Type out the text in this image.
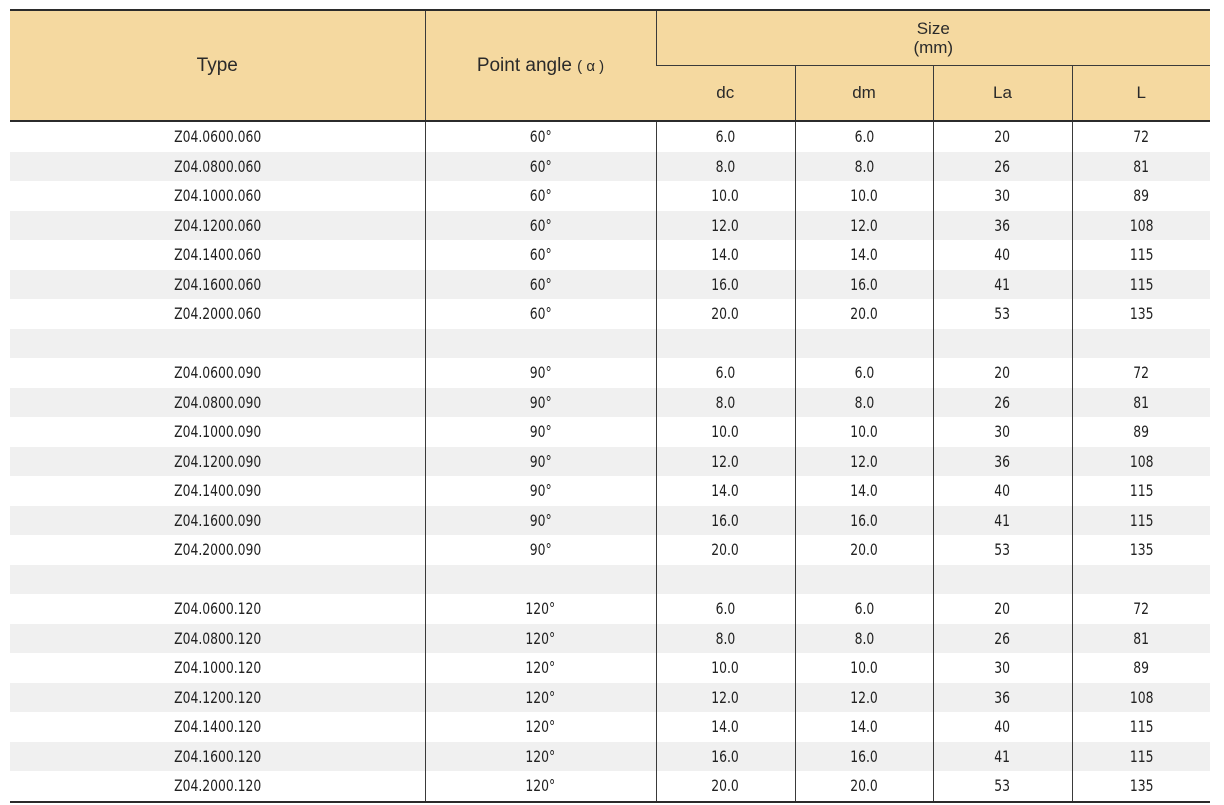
Type	Point angle ( α )	Size
(mm)			

		dc	dm	La	L
Z04.0600.060	60°	6.0	6.0	20	72
Z04.0800.060	60°	8.0	8.0	26	81
Z04.1000.060	60°	10.0	10.0	30	89
Z04.1200.060	60°	12.0	12.0	36	108
Z04.1400.060	60°	14.0	14.0	40	115
Z04.1600.060	60°	16.0	16.0	41	115
Z04.2000.060	60°	20.0	20.0	53	135

Z04.0600.090	90°	6.0	6.0	20	72
Z04.0800.090	90°	8.0	8.0	26	81
Z04.1000.090	90°	10.0	10.0	30	89
Z04.1200.090	90°	12.0	12.0	36	108
Z04.1400.090	90°	14.0	14.0	40	115
Z04.1600.090	90°	16.0	16.0	41	115
Z04.2000.090	90°	20.0	20.0	53	135

Z04.0600.120	120°	6.0	6.0	20	72
Z04.0800.120	120°	8.0	8.0	26	81
Z04.1000.120	120°	10.0	10.0	30	89
Z04.1200.120	120°	12.0	12.0	36	108
Z04.1400.120	120°	14.0	14.0	40	115
Z04.1600.120	120°	16.0	16.0	41	115
Z04.2000.120	120°	20.0	20.0	53	135
